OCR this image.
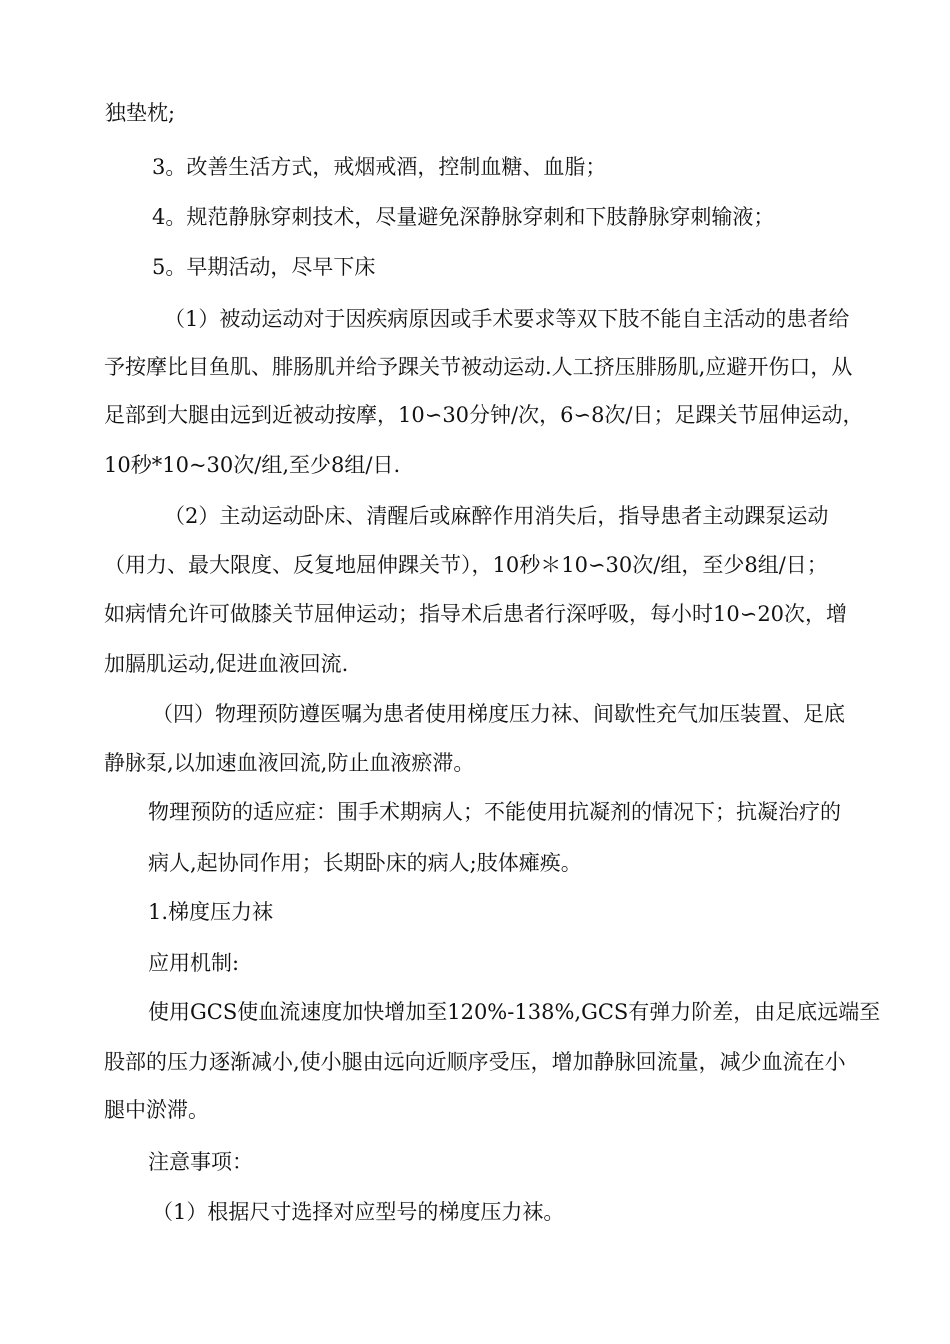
独垫枕;
3。改善生活方式，戒烟戒酒，控制血糖、血脂；
4。规范静脉穿刺技术，尽量避免深静脉穿刺和下肢静脉穿刺输液；
5。早期活动，尽早下床
（1）被动运动对于因疾病原因或手术要求等双下肢不能自主活动的患者给
予按摩比目鱼肌、腓肠肌并给予踝关节被动运动.人工挤压腓肠肌,应避开伤口，从
足部到大腿由远到近被动按摩，10∽30分钟/次，6∽8次/日；足踝关节屈伸运动，
10秒*10~30次/组,至少8组/日.
（2）主动运动卧床、清醒后或麻醉作用消失后，指导患者主动踝泵运动
（用力、最大限度、反复地屈伸踝关节），10秒＊10∽30次/组，至少8组/日；
如病情允许可做膝关节屈伸运动；指导术后患者行深呼吸，每小时10∽20次，增
加膈肌运动,促进血液回流.
（四）物理预防遵医嘱为患者使用梯度压力袜、间歇性充气加压装置、足底
静脉泵,以加速血液回流,防止血液瘀滞。
物理预防的适应症：围手术期病人；不能使用抗凝剂的情况下；抗凝治疗的
病人,起协同作用；长期卧床的病人;肢体瘫痪。
1.梯度压力袜
应用机制:
使用GCS使血流速度加快增加至120%-138%,GCS有弹力阶差，由足底远端至
股部的压力逐渐减小,使小腿由远向近顺序受压，增加静脉回流量，减少血流在小
腿中淤滞。
注意事项：
（1）根据尺寸选择对应型号的梯度压力袜。
